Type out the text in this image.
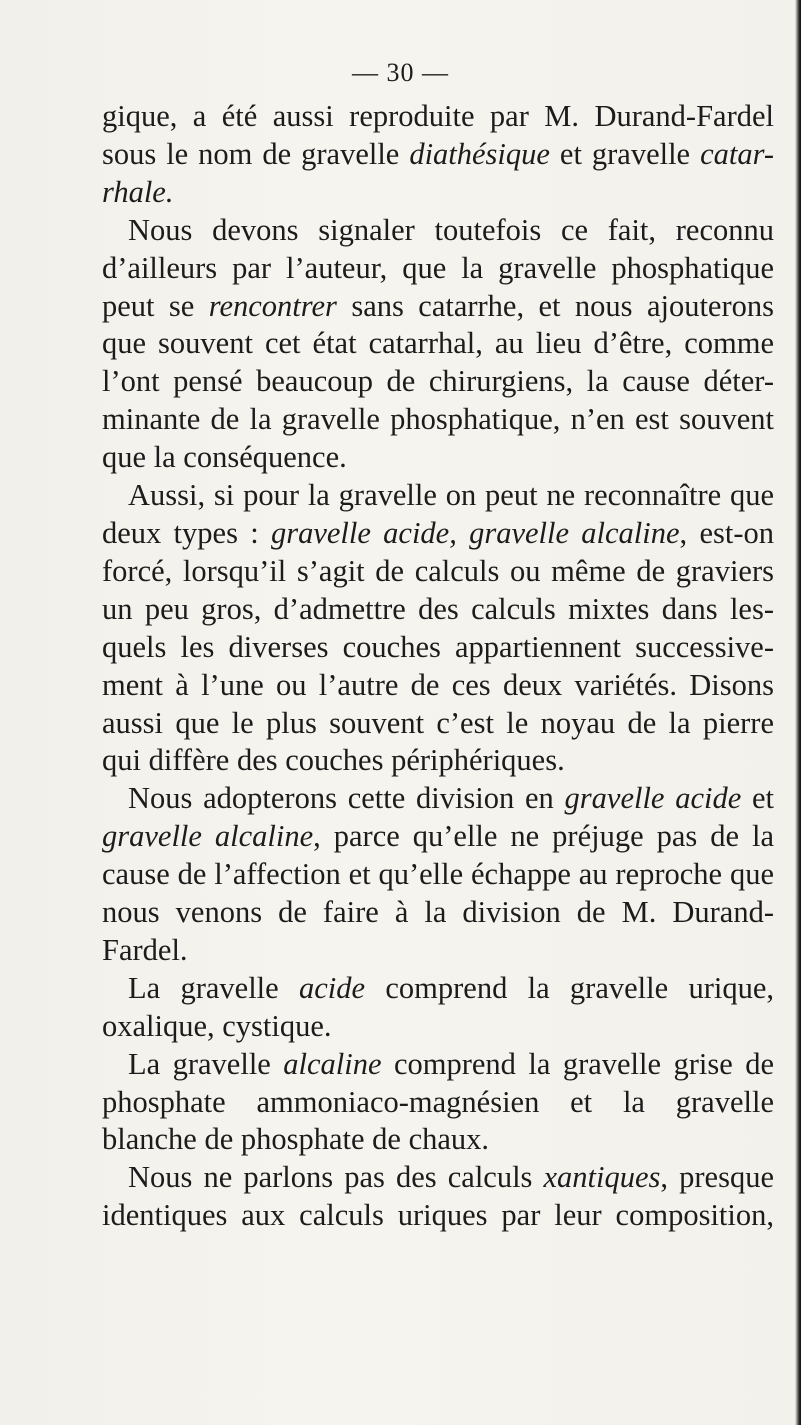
— 30 —
gique, a été aussi reproduite par M. Durand-Fardel
sous le nom de gravelle diathésique et gravelle catar-
rhale.
Nous devons signaler toutefois ce fait, reconnu
d’ailleurs par l’auteur, que la gravelle phosphatique
peut se rencontrer sans catarrhe, et nous ajouterons
que souvent cet état catarrhal, au lieu d’être, comme
l’ont pensé beaucoup de chirurgiens, la cause déter-
minante de la gravelle phosphatique, n’en est souvent
que la conséquence.
Aussi, si pour la gravelle on peut ne reconnaître que
deux types : gravelle acide, gravelle alcaline, est-on
forcé, lorsqu’il s’agit de calculs ou même de graviers
un peu gros, d’admettre des calculs mixtes dans les-
quels les diverses couches appartiennent successive-
ment à l’une ou l’autre de ces deux variétés. Disons
aussi que le plus souvent c’est le noyau de la pierre
qui diffère des couches périphériques.
Nous adopterons cette division en gravelle acide et
gravelle alcaline, parce qu’elle ne préjuge pas de la
cause de l’affection et qu’elle échappe au reproche que
nous venons de faire à la division de M. Durand-
Fardel.
La gravelle acide comprend la gravelle urique,
oxalique, cystique.
La gravelle alcaline comprend la gravelle grise de
phosphate ammoniaco-magnésien et la gravelle
blanche de phosphate de chaux.
Nous ne parlons pas des calculs xantiques, presque
identiques aux calculs uriques par leur composition,
